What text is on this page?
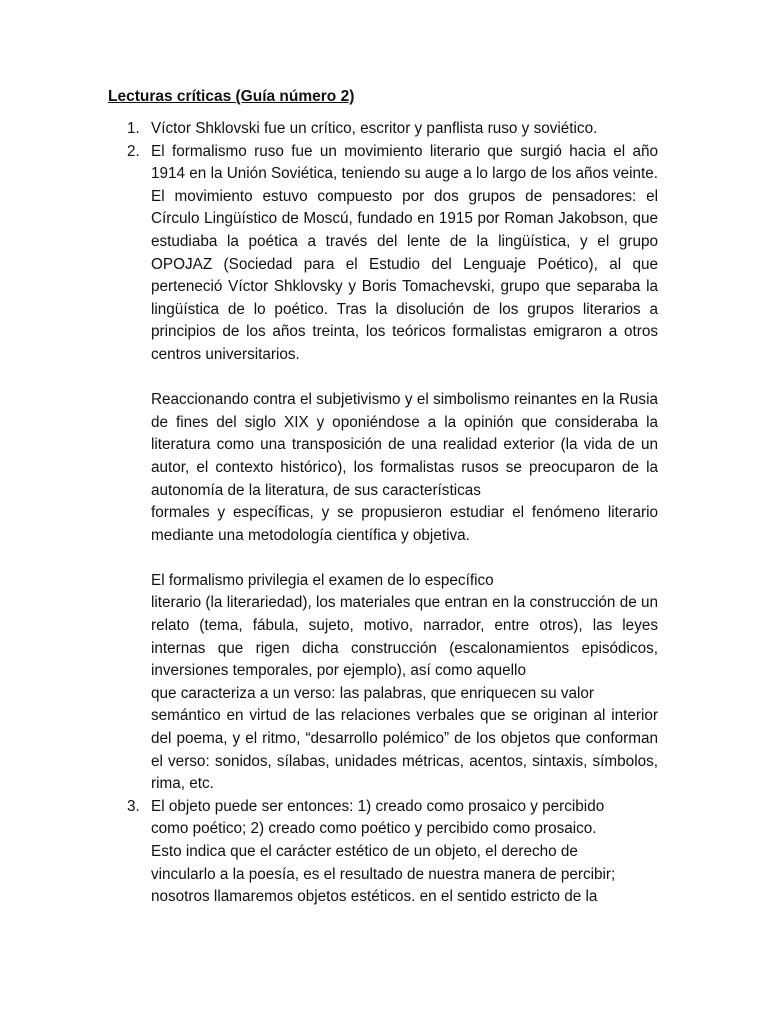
Lecturas críticas (Guía número 2)
1. Víctor Shklovski fue un crítico, escritor y panflista ruso y soviético.

2. El formalismo ruso fue un movimiento literario que surgió hacia el año 1914 en la Unión Soviética, teniendo su auge a lo largo de los años veinte. El movimiento estuvo compuesto por dos grupos de pensadores: el Círculo Lingüístico de Moscú, fundado en 1915 por Roman Jakobson, que estudiaba la poética a través del lente de la lingüística, y el grupo OPOJAZ (Sociedad para el Estudio del Lenguaje Poético), al que perteneció Víctor Shklovsky y Boris Tomachevski, grupo que separaba la lingüística de lo poético. Tras la disolución de los grupos literarios a principios de los años treinta, los teóricos formalistas emigraron a otros centros universitarios.

Reaccionando contra el subjetivismo y el simbolismo reinantes en la Rusia de fines del siglo XIX y oponiéndose a la opinión que consideraba la literatura como una transposición de una realidad exterior (la vida de un autor, el contexto histórico), los formalistas rusos se preocuparon de la autonomía de la literatura, de sus características

formales y específicas, y se propusieron estudiar el fenómeno literario mediante una metodología científica y objetiva.

El formalismo privilegia el examen de lo específico

literario (la literariedad), los materiales que entran en la construcción de un relato (tema, fábula, sujeto, motivo, narrador, entre otros), las leyes internas que rigen dicha construcción (escalonamientos episódicos, inversiones temporales, por ejemplo), así como aquello

que caracteriza a un verso: las palabras, que enriquecen su valor

semántico en virtud de las relaciones verbales que se originan al interior del poema, y el ritmo, “desarrollo polémico” de los objetos que conforman el verso: sonidos, sílabas, unidades métricas, acentos, sintaxis, símbolos, rima, etc.

3. El objeto puede ser entonces: 1) creado como prosaico y percibido
como poético; 2) creado como poético y percibido como prosaico.
Esto indica que el carácter estético de un objeto, el derecho de
vincularlo a la poesía, es el resultado de nuestra manera de percibir;
nosotros llamaremos objetos estéticos. en el sentido estricto de la
